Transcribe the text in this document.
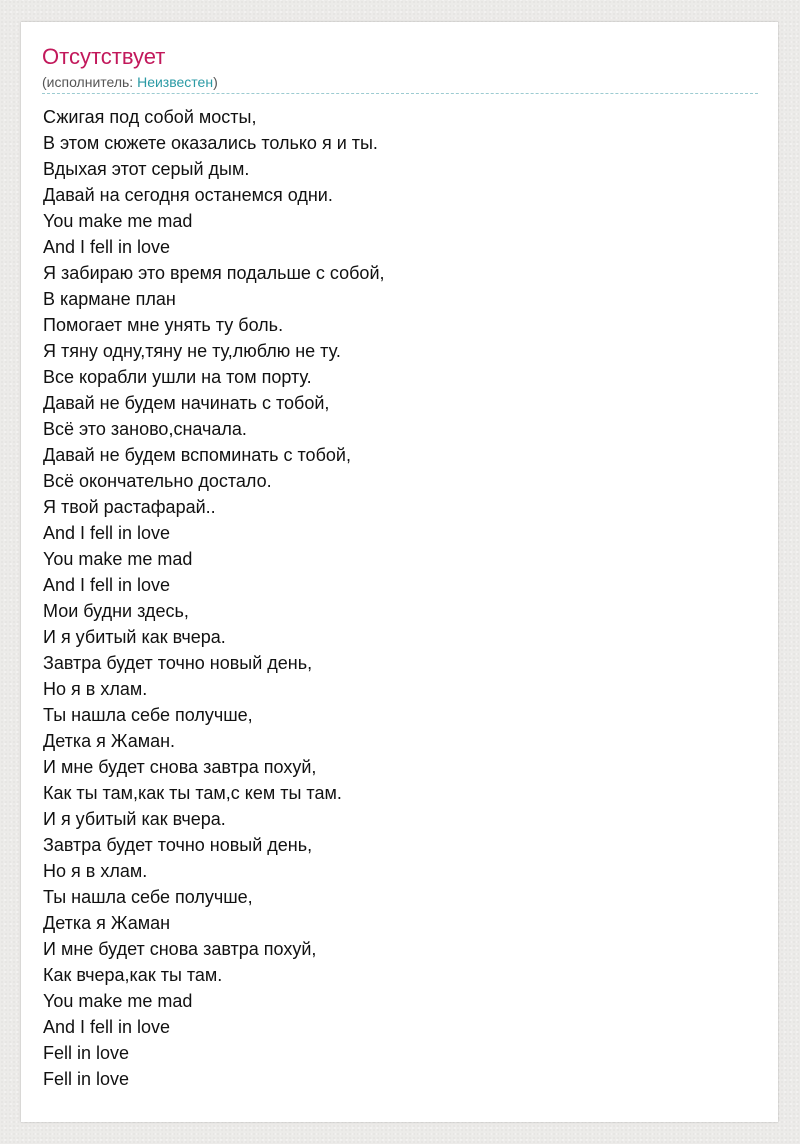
Отсутствует
(исполнитель: Неизвестен)
Сжигая под собой мосты,
В этом сюжете оказались только я и ты.
Вдыхая этот серый дым.
Давай на сегодня останемся одни.
You make me mad
And I fell in love
Я забираю это время подальше с собой,
В кармане план
Помогает мне унять ту боль.
Я тяну одну,тяну не ту,люблю не ту.
Все корабли ушли на том порту.
Давай не будем начинать с тобой,
Всё это заново,сначала.
Давай не будем вспоминать с тобой,
Всё окончательно достало.
Я твой растафарай..
And I fell in love
You make me mad
And I fell in love
Мои будни здесь,
И я убитый как вчера.
Завтра будет точно новый день,
Но я в хлам.
Ты нашла себе получше,
Детка я Жаман.
И мне будет снова завтра похуй,
Как ты там,как ты там,с кем ты там.
И я убитый как вчера.
Завтра будет точно новый день,
Но я в хлам.
Ты нашла себе получше,
Детка я Жаман
И мне будет снова завтра похуй,
Как вчера,как ты там.
You make me mad
And I fell in love
Fell in love
Fell in love
